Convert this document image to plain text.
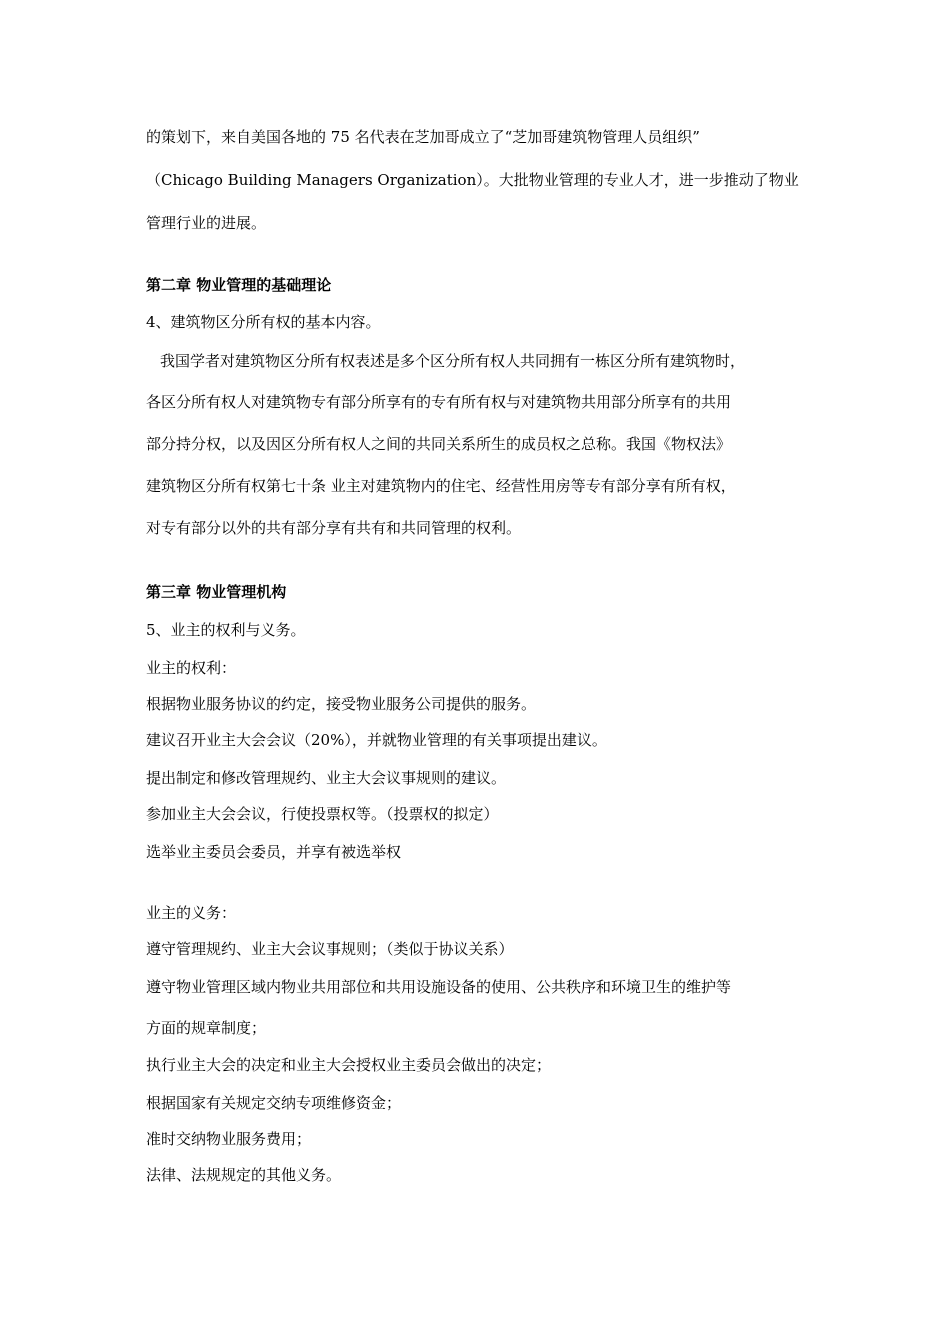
的策划下，来自美国各地的 75 名代表在芝加哥成立了“芝加哥建筑物管理人员组织”
（Chicago Building Managers Organization）。大批物业管理的专业人才，进一步推动了物业
管理行业的进展。
第二章 物业管理的基础理论
4、建筑物区分所有权的基本内容。
我国学者对建筑物区分所有权表述是多个区分所有权人共同拥有一栋区分所有建筑物时，
各区分所有权人对建筑物专有部分所享有的专有所有权与对建筑物共用部分所享有的共用
部分持分权，以及因区分所有权人之间的共同关系所生的成员权之总称。我国《物权法》
建筑物区分所有权第七十条 业主对建筑物内的住宅、经营性用房等专有部分享有所有权，
对专有部分以外的共有部分享有共有和共同管理的权利。
第三章 物业管理机构
5、业主的权利与义务。
业主的权利：
根据物业服务协议的约定，接受物业服务公司提供的服务。
建议召开业主大会会议（20%），并就物业管理的有关事项提出建议。
提出制定和修改管理规约、业主大会议事规则的建议。
参加业主大会会议，行使投票权等。（投票权的拟定）
选举业主委员会委员，并享有被选举权
业主的义务：
遵守管理规约、业主大会议事规则；（类似于协议关系）
遵守物业管理区域内物业共用部位和共用设施设备的使用、公共秩序和环境卫生的维护等
方面的规章制度；
执行业主大会的决定和业主大会授权业主委员会做出的决定；
根据国家有关规定交纳专项维修资金；
准时交纳物业服务费用；
法律、法规规定的其他义务。
